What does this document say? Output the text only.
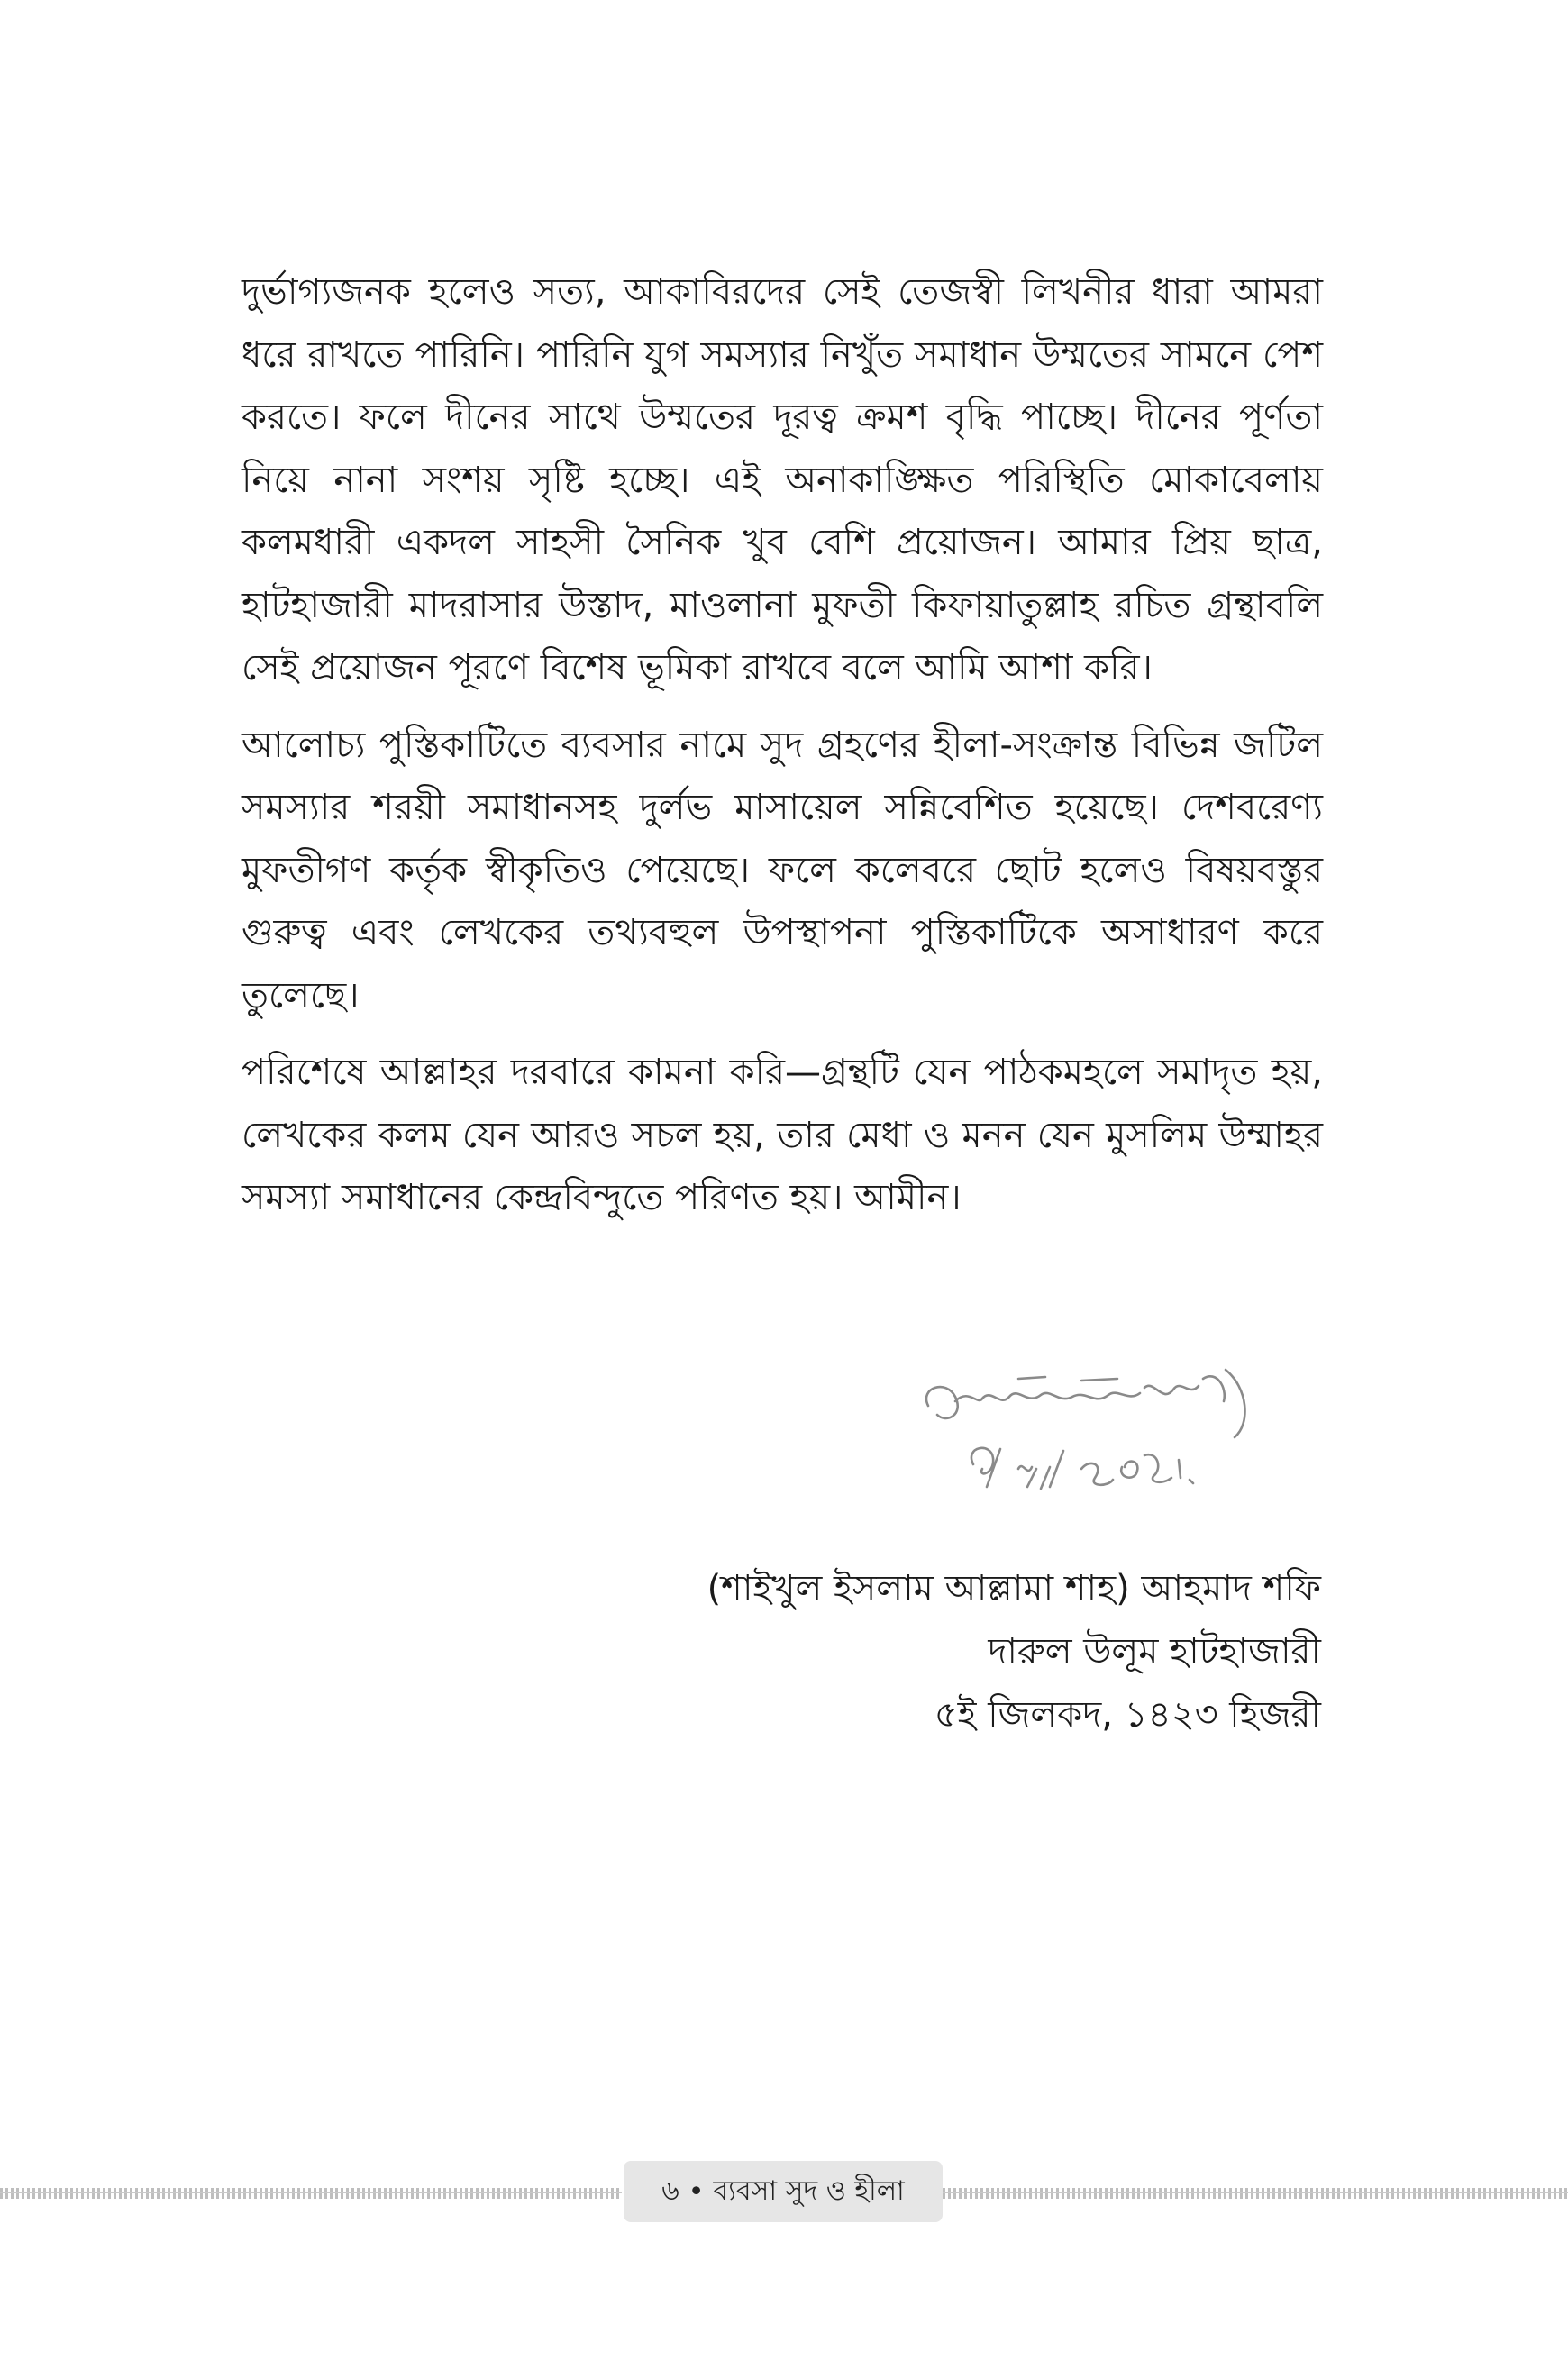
দুর্ভাগ্যজনক হলেও সত্য, আকাবিরদের সেই তেজস্বী লিখনীর ধারা আমরা ধরে রাখতে পারিনি। পারিনি যুগ সমস্যার নিখুঁত সমাধান উম্মতের সামনে পেশ করতে। ফলে দীনের সাথে উম্মতের দূরত্ব ক্রমশ বৃদ্ধি পাচ্ছে। দীনের পূর্ণতা নিয়ে নানা সংশয় সৃষ্টি হচ্ছে। এই অনাকাঙ্ক্ষিত পরিস্থিতি মোকাবেলায় কলমধারী একদল সাহসী সৈনিক খুব বেশি প্রয়োজন। আমার প্রিয় ছাত্র, হাটহাজারী মাদরাসার উস্তাদ, মাওলানা মুফতী কিফায়াতুল্লাহ রচিত গ্রন্থাবলি সেই প্রয়োজন পূরণে বিশেষ ভূমিকা রাখবে বলে আমি আশা করি।

আলোচ্য পুস্তিকাটিতে ব্যবসার নামে সুদ গ্রহণের হীলা-সংক্রান্ত বিভিন্ন জটিল সমস্যার শরয়ী সমাধানসহ দুর্লভ মাসায়েল সন্নিবেশিত হয়েছে। দেশবরেণ্য মুফতীগণ কর্তৃক স্বীকৃতিও পেয়েছে। ফলে কলেবরে ছোট হলেও বিষয়বস্তুর গুরুত্ব এবং লেখকের তথ্যবহুল উপস্থাপনা পুস্তিকাটিকে অসাধারণ করে তুলেছে।

পরিশেষে আল্লাহর দরবারে কামনা করি—গ্রন্থটি যেন পাঠকমহলে সমাদৃত হয়, লেখকের কলম যেন আরও সচল হয়, তার মেধা ও মনন যেন মুসলিম উম্মাহর সমস্যা সমাধানের কেন্দ্রবিন্দুতে পরিণত হয়। আমীন।

(শাইখুল ইসলাম আল্লামা শাহ) আহমাদ শফি
দারুল উলূম হাটহাজারী
৫ই জিলকদ, ১৪২৩ হিজরী
৬ • ব্যবসা সুদ ও হীলা
